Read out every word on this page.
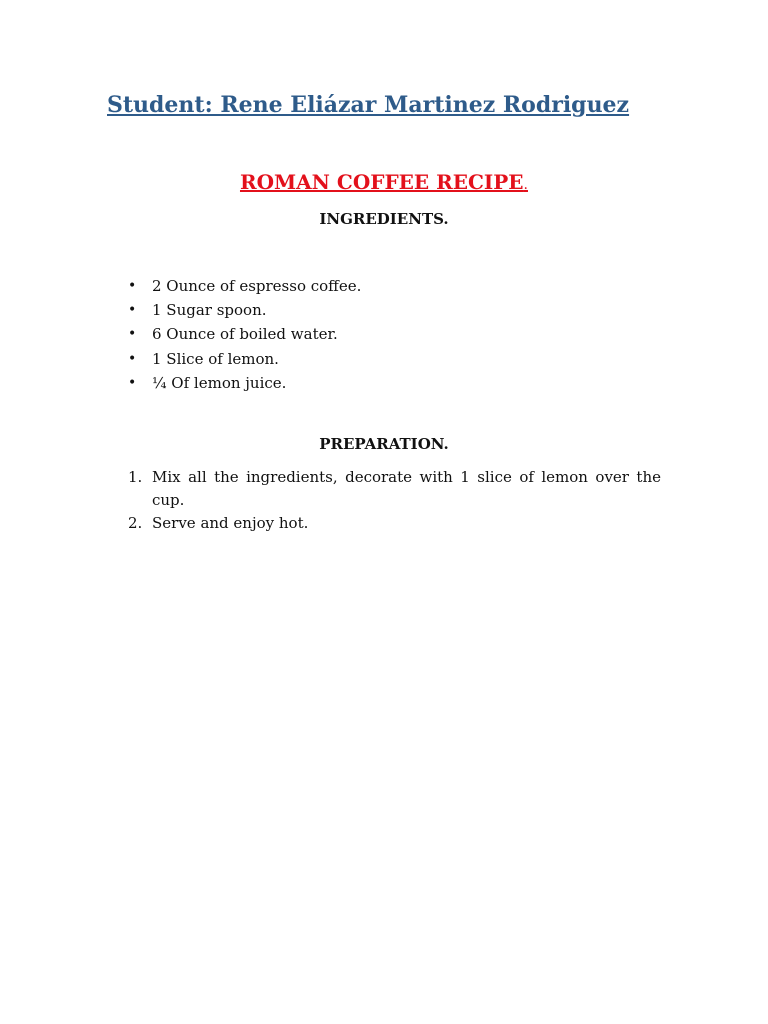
Student: Rene Eliázar Martinez Rodriguez
ROMAN COFFEE RECIPE.
INGREDIENTS.
• 2 Ounce of espresso coffee.
• 1 Sugar spoon.
• 6 Ounce of boiled water.
• 1 Slice of lemon.
• ¼ Of lemon juice.
PREPARATION.
1. Mix all the ingredients, decorate with 1 slice of lemon over the cup.
2. Serve and enjoy hot.
